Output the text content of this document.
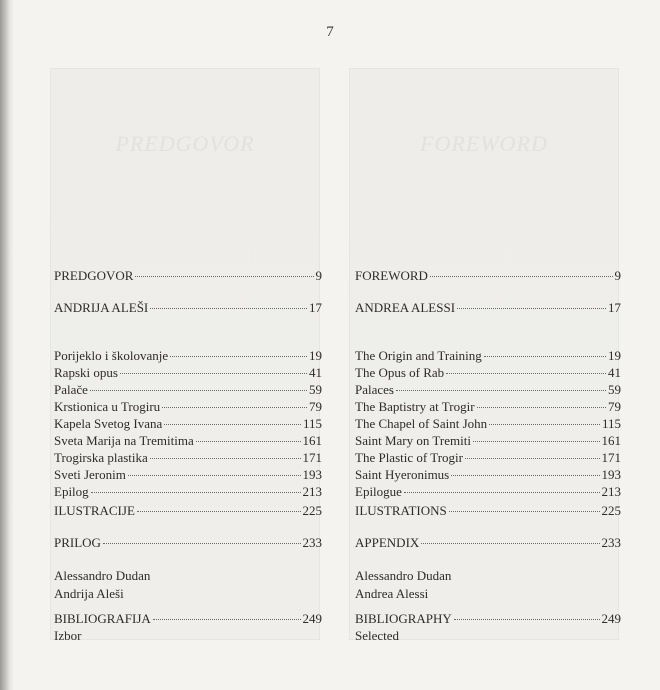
7
PREDGOVOR
PREDGOVOR	9
ANDRIJA ALEŠI	17
Porijeklo i školovanje	19
Rapski opus	41
Palače	59
Krstionica u Trogiru	79
Kapela Svetog Ivana	115
Sveta Marija na Tremitima	161
Trogirska plastika	171
Sveti Jeronim	193
Epilog	213
ILUSTRACIJE	225
PRILOG	233
BIBLIOGRAFIJA	249
Alessandro Dudan
Andrija Aleši
Izbor
FOREWORD
FOREWORD	9
ANDREA ALESSI	17
The Origin and Training	19
The Opus of Rab	41
Palaces	59
The Baptistry at Trogir	79
The Chapel of Saint John	115
Saint Mary on Tremiti	161
The Plastic of Trogir	171
Saint Hyeronimus	193
Epilogue	213
ILUSTRATIONS	225
APPENDIX	233
BIBLIOGRAPHY	249
Alessandro Dudan
Andrea Alessi
Selected
